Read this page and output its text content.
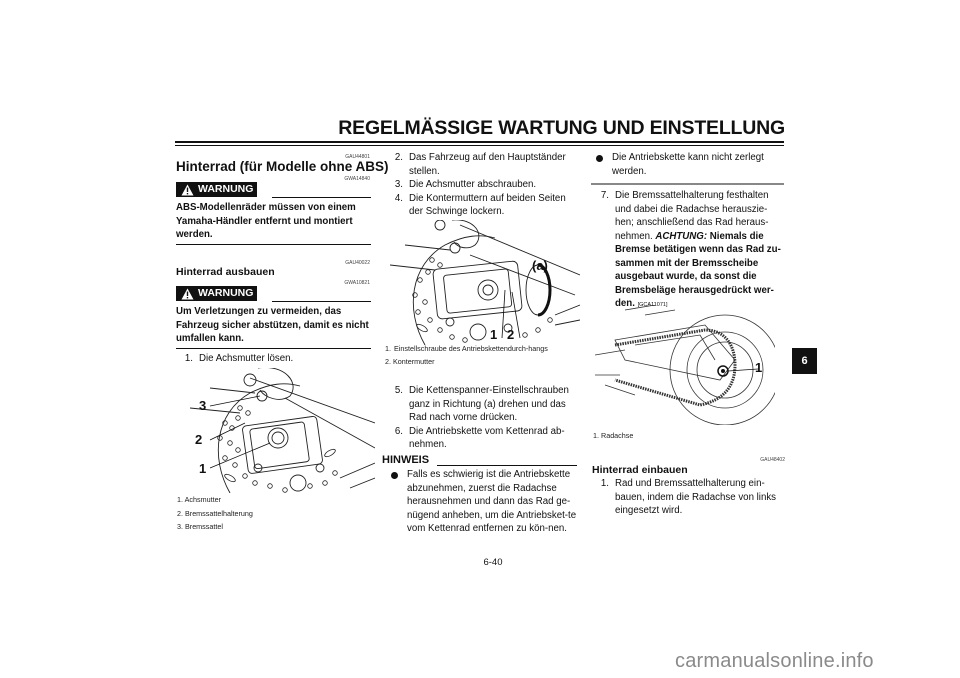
REGELMÄSSIGE WARTUNG UND EINSTELLUNG
GAU44801
Hinterrad (für Modelle ohne ABS)
GWA14840
WARNUNG
ABS-Modellenräder müssen von einem Yamaha-Händler entfernt und montiert werden.
GAU40022
Hinterrad ausbauen
GWA10821
WARNUNG
Um Verletzungen zu vermeiden, das Fahrzeug sicher abstützen, damit es nicht umfallen kann.
1. Die Achsmutter lösen.
3
2
1
1. Achsmutter
2. Bremssattelhalterung
3. Bremssattel
2. Das Fahrzeug auf den Hauptständer stellen.
3. Die Achsmutter abschrauben.
4. Die Kontermuttern auf beiden Seiten der Schwinge lockern.
(a)
1 2
1. Einstellschraube des Antriebskettendurch-hangs
2. Kontermutter
5. Die Kettenspanner-Einstellschrauben ganz in Richtung (a) drehen und das Rad nach vorne drücken.
6. Die Antriebskette vom Kettenrad ab-nehmen.
HINWEIS
Falls es schwierig ist die Antriebskette abzunehmen, zuerst die Radachse herausnehmen und dann das Rad ge-nügend anheben, um die Antriebsket-te vom Kettenrad entfernen zu kön-nen.
Die Antriebskette kann nicht zerlegt werden.
7. Die Bremssattelhalterung festhalten und dabei die Radachse herauszie-hen; anschließend das Rad heraus-nehmen. ACHTUNG: Niemals die Bremse betätigen wenn das Rad zu-sammen mit der Bremsscheibe ausgebaut wurde, da sonst die Bremsbeläge herausgedrückt wer-den. [GCA11071]
1
1. Radachse
GAU48402
Hinterrad einbauen
1. Rad und Bremssattelhalterung ein-bauen, indem die Radachse von links eingesetzt wird.
6
6-40
carmanualsonline.info
